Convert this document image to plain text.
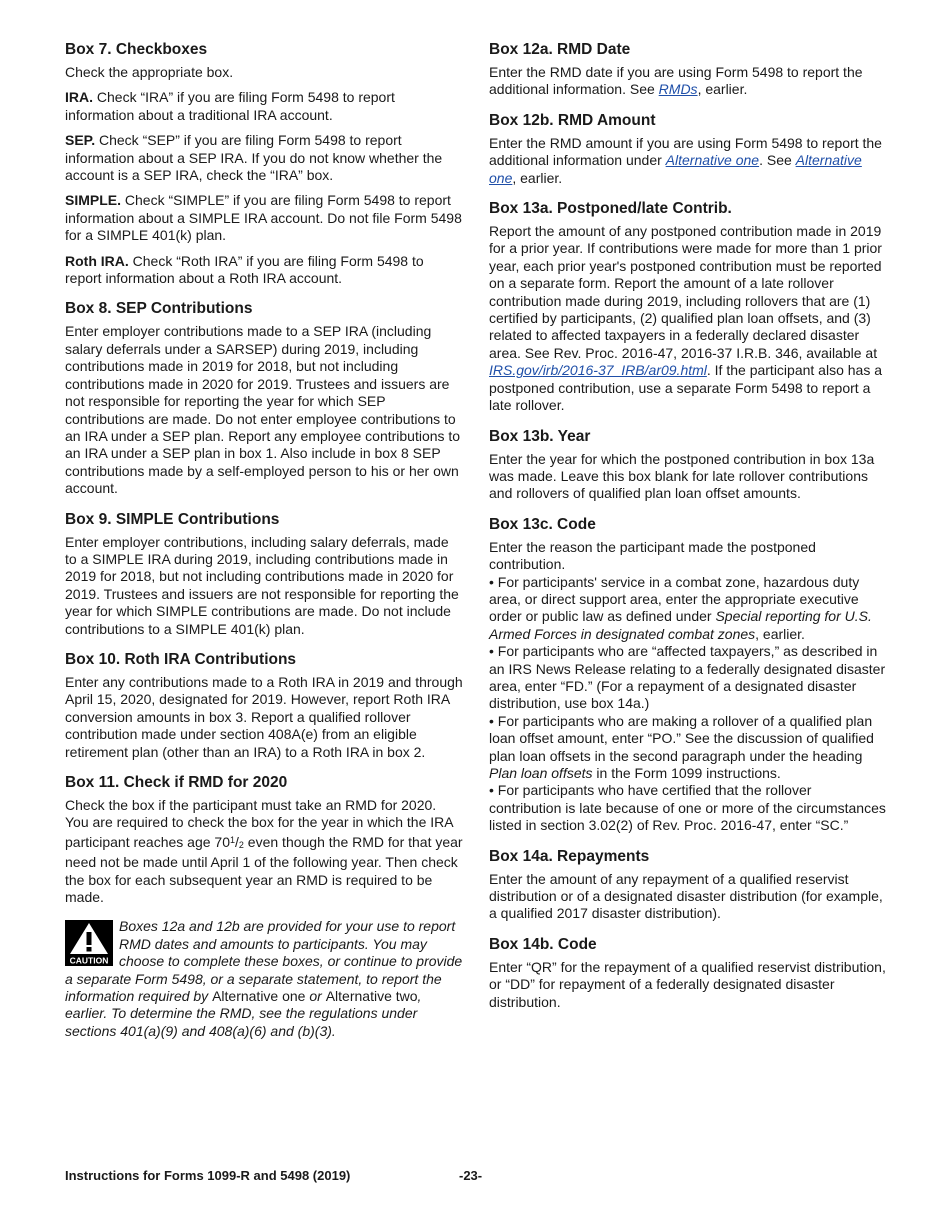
Box 7. Checkboxes

Check the appropriate box.

IRA. Check “IRA” if you are filing Form 5498 to report information about a traditional IRA account.

SEP. Check “SEP” if you are filing Form 5498 to report information about a SEP IRA. If you do not know whether the account is a SEP IRA, check the “IRA” box.

SIMPLE. Check “SIMPLE” if you are filing Form 5498 to report information about a SIMPLE IRA account. Do not file Form 5498 for a SIMPLE 401(k) plan.

Roth IRA. Check “Roth IRA” if you are filing Form 5498 to report information about a Roth IRA account.

Box 8. SEP Contributions

Enter employer contributions made to a SEP IRA (including salary deferrals under a SARSEP) during 2019, including contributions made in 2019 for 2018, but not including contributions made in 2020 for 2019. Trustees and issuers are not responsible for reporting the year for which SEP contributions are made. Do not enter employee contributions to an IRA under a SEP plan. Report any employee contributions to an IRA under a SEP plan in box 1. Also include in box 8 SEP contributions made by a self-employed person to his or her own account.

Box 9. SIMPLE Contributions

Enter employer contributions, including salary deferrals, made to a SIMPLE IRA during 2019, including contributions made in 2019 for 2018, but not including contributions made in 2020 for 2019. Trustees and issuers are not responsible for reporting the year for which SIMPLE contributions are made. Do not include contributions to a SIMPLE 401(k) plan.

Box 10. Roth IRA Contributions

Enter any contributions made to a Roth IRA in 2019 and through April 15, 2020, designated for 2019. However, report Roth IRA conversion amounts in box 3. Report a qualified rollover contribution made under section 408A(e) from an eligible retirement plan (other than an IRA) to a Roth IRA in box 2.

Box 11. Check if RMD for 2020

Check the box if the participant must take an RMD for 2020. You are required to check the box for the year in which the IRA participant reaches age $70^1/_2$ even though the RMD for that year need not be made until April 1 of the following year. Then check the box for each subsequent year an RMD is required to be made.

CAUTION

Boxes 12a and 12b are provided for your use to report RMD dates and amounts to participants. You may choose to complete these boxes, or continue to provide a separate Form 5498, or a separate statement, to report the information required by Alternative one or Alternative two, earlier. To determine the RMD, see the regulations under sections 401(a)(9) and 408(a)(6) and (b)(3).

Box 12a. RMD Date

Enter the RMD date if you are using Form 5498 to report the additional information. See RMDs, earlier.

Box 12b. RMD Amount

Enter the RMD amount if you are using Form 5498 to report the additional information under Alternative one. See Alternative one, earlier.

Box 13a. Postponed/late Contrib.

Report the amount of any postponed contribution made in 2019 for a prior year. If contributions were made for more than 1 prior year, each prior year's postponed contribution must be reported on a separate form. Report the amount of a late rollover contribution made during 2019, including rollovers that are (1) certified by participants, (2) qualified plan loan offsets, and (3) related to affected taxpayers in a federally declared disaster area. See Rev. Proc. 2016-47, 2016-37 I.R.B. 346, available at IRS.gov/irb/2016-37_IRB/ar09.html. If the participant also has a postponed contribution, use a separate Form 5498 to report a late rollover.

Box 13b. Year

Enter the year for which the postponed contribution in box 13a was made. Leave this box blank for late rollover contributions and rollovers of qualified plan loan offset amounts.

Box 13c. Code

Enter the reason the participant made the postponed contribution.

• For participants' service in a combat zone, hazardous duty area, or direct support area, enter the appropriate executive order or public law as defined under Special reporting for U.S. Armed Forces in designated combat zones, earlier.

• For participants who are “affected taxpayers,” as described in an IRS News Release relating to a federally designated disaster area, enter “FD.” (For a repayment of a designated disaster distribution, use box 14a.)

• For participants who are making a rollover of a qualified plan loan offset amount, enter “PO.” See the discussion of qualified plan loan offsets in the second paragraph under the heading Plan loan offsets in the Form 1099 instructions.

• For participants who have certified that the rollover contribution is late because of one or more of the circumstances listed in section 3.02(2) of Rev. Proc. 2016-47, enter “SC.”

Box 14a. Repayments

Enter the amount of any repayment of a qualified reservist distribution or of a designated disaster distribution (for example, a qualified 2017 disaster distribution).

Box 14b. Code

Enter “QR” for the repayment of a qualified reservist distribution, or “DD” for repayment of a federally designated disaster distribution.

Instructions for Forms 1099-R and 5498 (2019)	-23-
